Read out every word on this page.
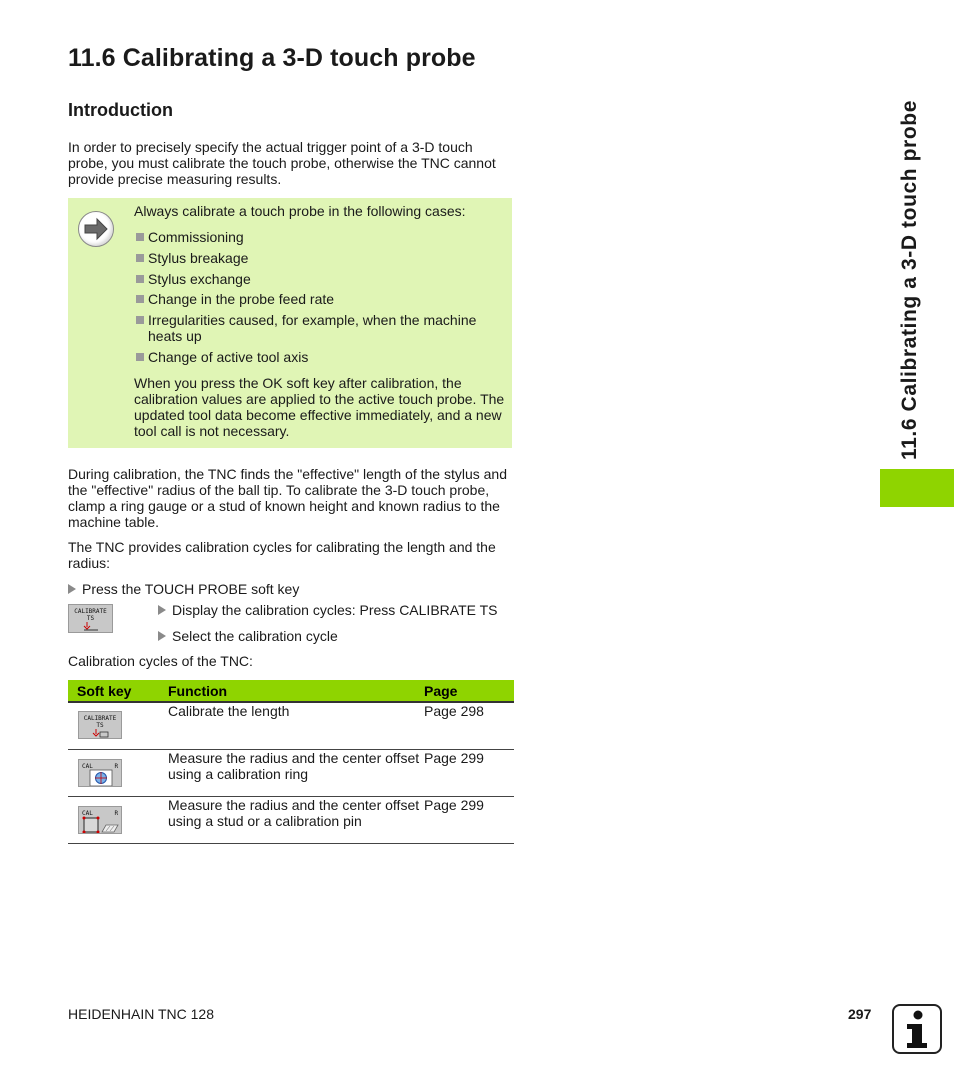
11.6 Calibrating a 3-D touch probe
Introduction

In order to precisely specify the actual trigger point of a 3-D touch probe, you must calibrate the touch probe, otherwise the TNC cannot provide precise measuring results.

Always calibrate a touch probe in the following cases:

Commissioning
Stylus breakage
Stylus exchange
Change in the probe feed rate
Irregularities caused, for example, when the machine heats up
Change of active tool axis

When you press the OK soft key after calibration, the calibration values are applied to the active touch probe. The updated tool data become effective immediately, and a new tool call is not necessary.

During calibration, the TNC finds the "effective" length of the stylus and the "effective" radius of the ball tip. To calibrate the 3-D touch probe, clamp a ring gauge or a stud of known height and known radius to the machine table.

The TNC provides calibration cycles for calibrating the length and the radius:

Press the TOUCH PROBE soft key
CALIBRATE
TS
Display the calibration cycles: Press CALIBRATE TS
Select the calibration cycle

Calibration cycles of the TNC:

Soft key	Function	Page

CALIBRATE
TS	Calibrate the length	Page 298

CAL      R	Measure the radius and the center offset using a calibration ring	Page 299

CAL      R	Measure the radius and the center offset using a stud or a calibration pin	Page 299
11.6 Calibrating a 3-D touch probe
HEIDENHAIN TNC 128	297
